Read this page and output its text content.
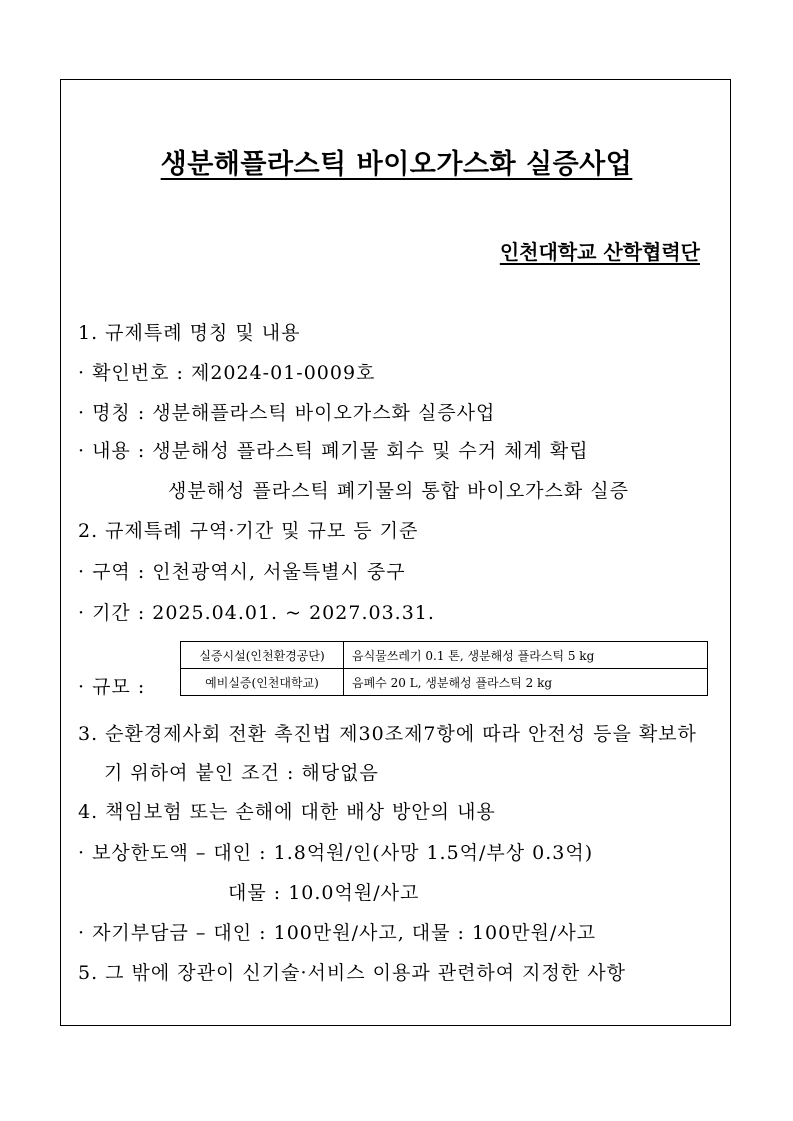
생분해플라스틱 바이오가스화 실증사업
인천대학교 산학협력단
1. 규제특례 명칭 및 내용
· 확인번호 : 제2024-01-0009호
· 명칭 : 생분해플라스틱 바이오가스화 실증사업
· 내용 : 생분해성 플라스틱 폐기물 회수 및 수거 체계 확립
생분해성 플라스틱 폐기물의 통합 바이오가스화 실증
2. 규제특례 구역·기간 및 규모 등 기준
· 구역 : 인천광역시, 서울특별시 중구
· 기간 : 2025.04.01. ~ 2027.03.31.
· 규모 :
실증시설(인천환경공단)	음식물쓰레기 0.1 톤, 생분해성 플라스틱 5 kg
예비실증(인천대학교)	음폐수 20 L, 생분해성 플라스틱 2 kg
3. 순환경제사회 전환 촉진법 제30조제7항에 따라 안전성 등을 확보하
기 위하여 붙인 조건 : 해당없음
4. 책임보험 또는 손해에 대한 배상 방안의 내용
· 보상한도액 – 대인 : 1.8억원/인(사망 1.5억/부상 0.3억)
대물 : 10.0억원/사고
· 자기부담금 – 대인 : 100만원/사고, 대물 : 100만원/사고
5. 그 밖에 장관이 신기술·서비스 이용과 관련하여 지정한 사항
